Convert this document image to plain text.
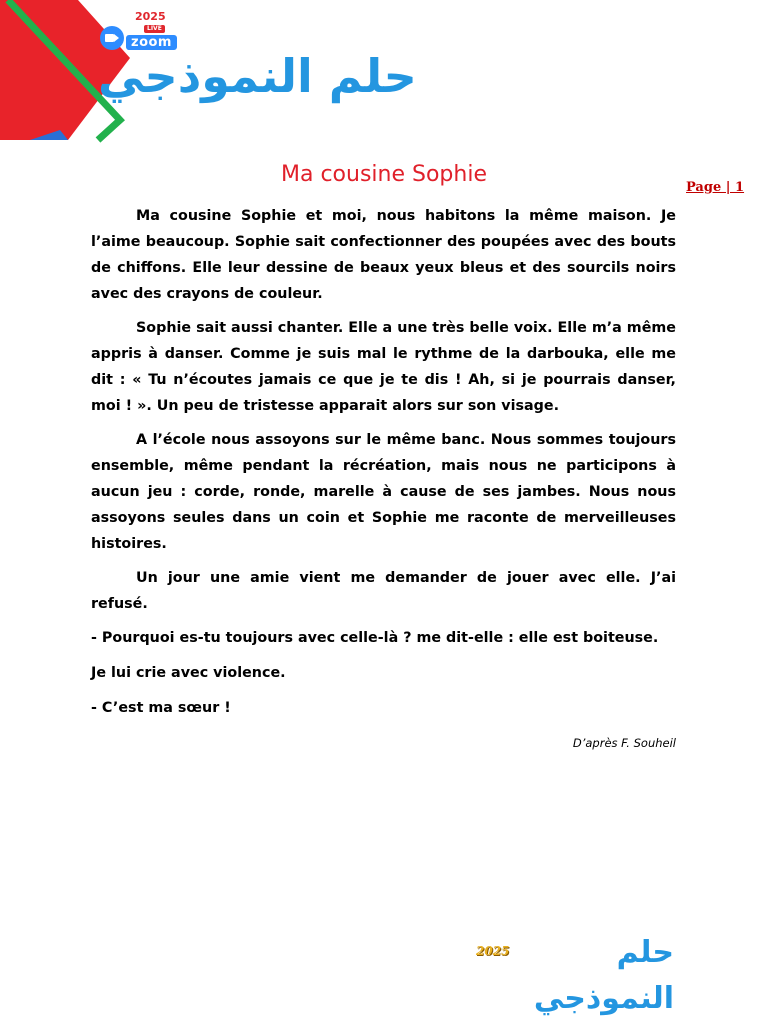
2025
LIVE
zoom
حلم النموذجي
Page | 1
Ma cousine Sophie

Ma cousine Sophie et moi, nous habitons la même maison. Je l’aime beaucoup. Sophie sait confectionner des poupées avec des bouts de chiffons. Elle leur dessine de beaux yeux bleus et des sourcils noirs avec des crayons de couleur.

Sophie sait aussi chanter. Elle a une très belle voix. Elle m’a même appris à danser. Comme je suis mal le rythme de la darbouka, elle me dit : « Tu n’écoutes jamais ce que je te dis ! Ah, si je pourrais danser, moi ! ». Un peu de tristesse apparait alors sur son visage.

A l’école nous assoyons sur le même banc. Nous sommes toujours ensemble, même pendant la récréation, mais nous ne participons à aucun jeu : corde, ronde, marelle à cause de ses jambes. Nous nous assoyons seules dans un coin et Sophie me raconte de merveilleuses histoires.

Un jour une amie vient me demander de jouer avec elle. J’ai refusé.

- Pourquoi es-tu toujours avec celle-là ? me dit-elle : elle est boiteuse.

Je lui crie avec violence.

- C’est ma sœur !

D’après F. Souheil

2025	حلم النموذجي
